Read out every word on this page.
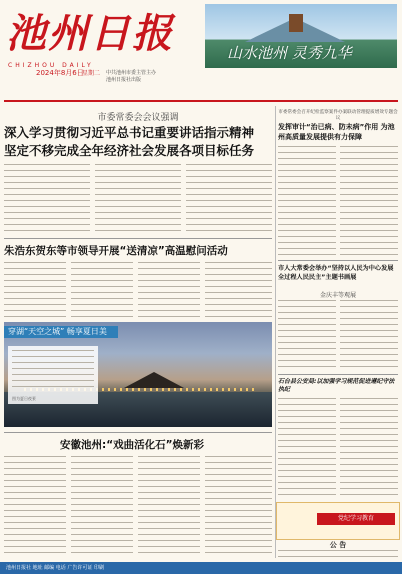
池州日报
CHIZHOU DAILY
山水池州 灵秀九华
2024年8月6日
星期二 中共池州市委主管主办
池州日报社出版
市委常委会会议强调
深入学习贯彻习近平总书记重要讲话指示精神
坚定不移完成全年经济社会发展各项目标任务
朱浩东贺东等市领导开展“送清凉”高温慰问活动
穿湖“天空之城” 畅享夏日美
图为夏日夜景
安徽池州:“戏曲活化石”焕新彩
市委常委会召开纪检监察案件办案联动管理提质增效专题会议
发挥审计“治已病、防未病”作用 为池州高质量发展提供有力保障
市人大常委会举办“坚持以人民为中心发展全过程人民民主”主题书画展
金庆丰等观展
石台县公安局:以加强学习规范促进遵纪守法执纪
党纪学习教育
公 告
池州日报社 地址 邮编 电话 广告许可证 印刷
